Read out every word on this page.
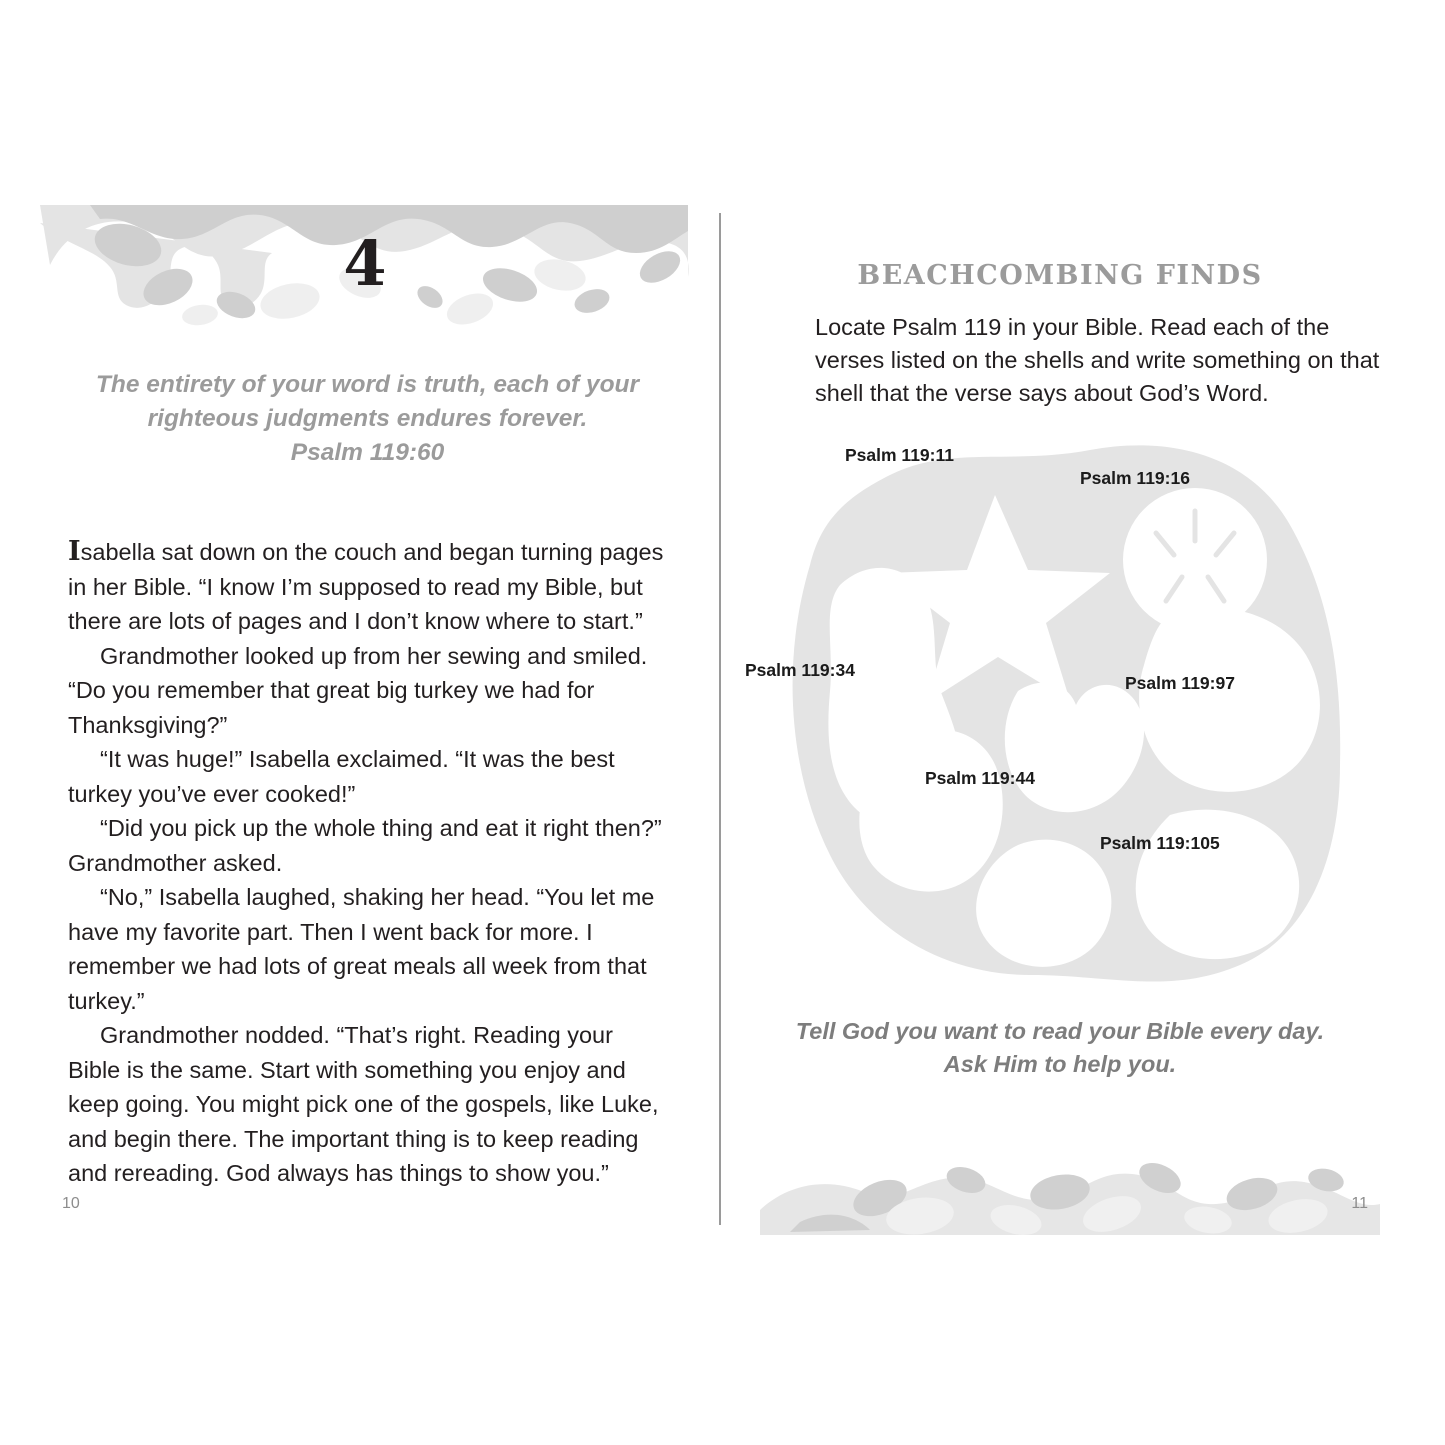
4
The entirety of your word is truth, each of your righteous judgments endures forever.
Psalm 119:60

Isabella sat down on the couch and began turning pages in her Bible. “I know I’m supposed to read my Bible, but there are lots of pages and I don’t know where to start.”

Grandmother looked up from her sewing and smiled. “Do you remember that great big turkey we had for Thanksgiving?”

“It was huge!” Isabella exclaimed. “It was the best turkey you’ve ever cooked!”

“Did you pick up the whole thing and eat it right then?” Grandmother asked.

“No,” Isabella laughed, shaking her head. “You let me have my favorite part. Then I went back for more. I remember we had lots of great meals all week from that turkey.”

Grandmother nodded. “That’s right. Reading your Bible is the same. Start with something you enjoy and keep going. You might pick one of the gospels, like Luke, and begin there. The important thing is to keep reading and rereading. God always has things to show you.”

10
BEACHCOMBING FINDS
Locate Psalm 119 in your Bible. Read each of the verses listed on the shells and write something on that shell that the verse says about God’s Word.
Psalm 119:11
Psalm 119:16
Psalm 119:34
Psalm 119:97
Psalm 119:44
Psalm 119:105
Tell God you want to read your Bible every day.
Ask Him to help you.
11
